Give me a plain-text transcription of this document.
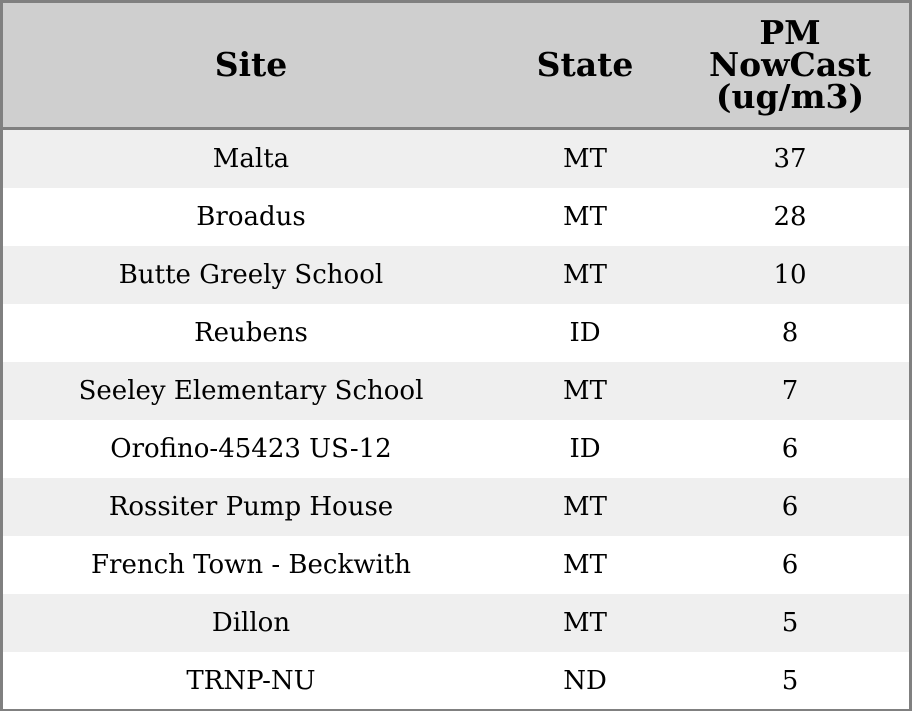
Site	State	PM
NowCast
(ug/m3)

Malta	MT	37
Broadus	MT	28
Butte Greely School	MT	10
Reubens	ID	8
Seeley Elementary School	MT	7
Orofino-45423 US-12	ID	6
Rossiter Pump House	MT	6
French Town - Beckwith	MT	6
Dillon	MT	5
TRNP-NU	ND	5
